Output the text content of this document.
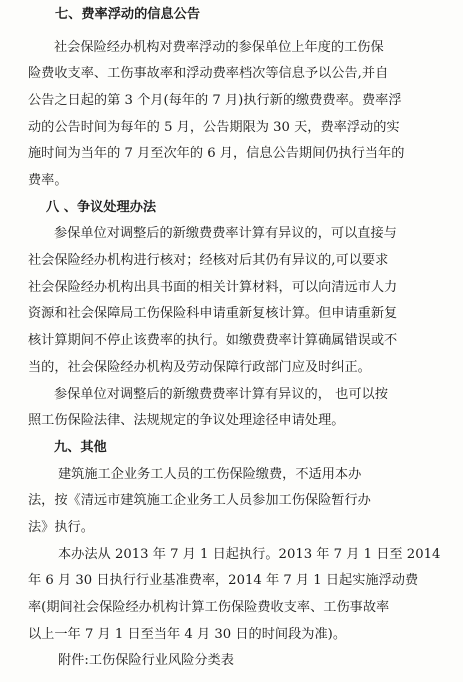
七、费率浮动的信息公告
社会保险经办机构对费率浮动的参保单位上年度的工伤保
险费收支率、工伤事故率和浮动费率档次等信息予以公告,并自
公告之日起的第 3 个月(每年的 7 月)执行新的缴费费率。费率浮
动的公告时间为每年的 5 月，公告期限为 30 天，费率浮动的实
施时间为当年的 7 月至次年的 6 月，信息公告期间仍执行当年的
费率。
八 、争议处理办法
参保单位对调整后的新缴费费率计算有异议的，可以直接与
社会保险经办机构进行核对；经核对后其仍有异议的,可以要求
社会保险经办机构出具书面的相关计算材料，可以向清远市人力
资源和社会保障局工伤保险科申请重新复核计算。但申请重新复
核计算期间不停止该费率的执行。如缴费费率计算确属错误或不
当的，社会保险经办机构及劳动保障行政部门应及时纠正。
参保单位对调整后的新缴费费率计算有异议的， 也可以按
照工伤保险法律、法规规定的争议处理途径申请处理。
九、其他
建筑施工企业务工人员的工伤保险缴费，不适用本办
法，按《清远市建筑施工企业务工人员参加工伤保险暂行办
法》执行。
本办法从 2013 年 7 月 1 日起执行。2013 年 7 月 1 日至 2014
年 6 月 30 日执行行业基准费率，2014 年 7 月 1 日起实施浮动费
率(期间社会保险经办机构计算工伤保险费收支率、工伤事故率
以上一年 7 月 1 日至当年 4 月 30 日的时间段为准)。
附件:工伤保险行业风险分类表
